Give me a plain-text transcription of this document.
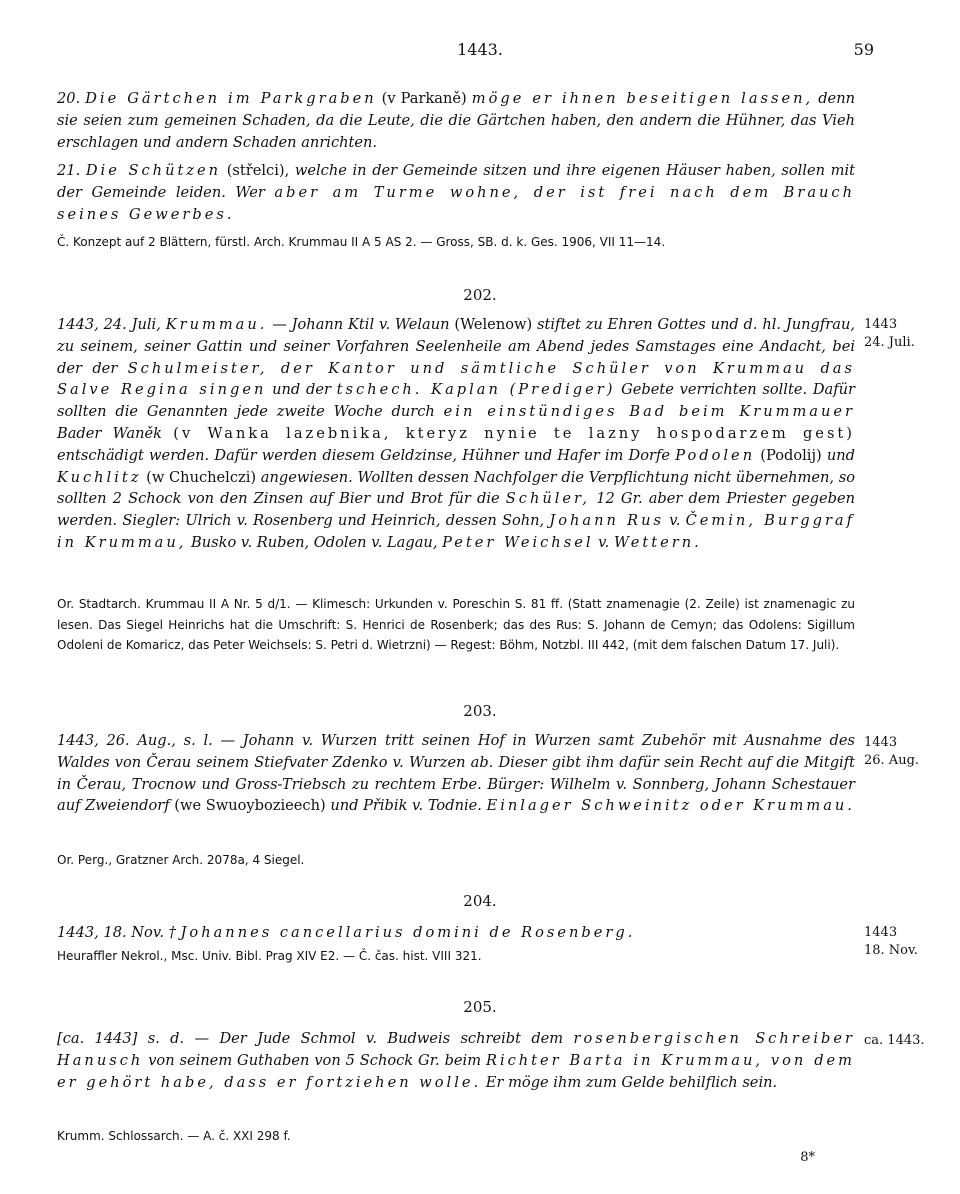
1443.	59

20. Die Gärtchen im Parkgraben (v Parkaně) möge er ihnen beseitigen lassen, denn sie seien zum gemeinen Schaden, da die Leute, die die Gärtchen haben, den andern die Hühner, das Vieh erschlagen und andern Schaden anrichten.

21. Die Schützen (střelci), welche in der Gemeinde sitzen und ihre eigenen Häuser haben, sollen mit der Gemeinde leiden. Wer aber am Turme wohne, der ist frei nach dem Brauch seines Gewerbes.

Č. Konzept auf 2 Blättern, fürstl. Arch. Krummau II A 5 AS 2. — Gross, SB. d. k. Ges. 1906, VII 11—14.

202.
1443
24. Juli.

1443, 24. Juli, Krummau. — Johann Ktil v. Welaun (Welenow) stiftet zu Ehren Gottes und d. hl. Jungfrau, zu seinem, seiner Gattin und seiner Vorfahren Seelenheile am Abend jedes Samstages eine Andacht, bei der der Schulmeister, der Kantor und sämtliche Schüler von Krummau das Salve Regina singen und der tschech. Kaplan (Prediger) Gebete verrichten sollte. Dafür sollten die Genannten jede zweite Woche durch ein einstündiges Bad beim Krummauer Bader Waněk (v Wanka lazebnika, kteryz nynie te lazny hospodarzem gest) entschädigt werden. Dafür werden diesem Geldzinse, Hühner und Hafer im Dorfe Podolen (Podolij) und Kuchlitz (w Chuchelczi) angewiesen. Wollten dessen Nachfolger die Verpflichtung nicht übernehmen, so sollten 2 Schock von den Zinsen auf Bier und Brot für die Schüler, 12 Gr. aber dem Priester gegeben werden. Siegler: Ulrich v. Rosenberg und Heinrich, dessen Sohn, Johann Rus v. Čemin, Burggraf in Krummau, Busko v. Ruben, Odolen v. Lagau, Peter Weichsel v. Wettern.

Or. Stadtarch. Krummau II A Nr. 5 d/1. — Klimesch: Urkunden v. Poreschin S. 81 ff. (Statt znamenagie (2. Zeile) ist znamenagic zu lesen. Das Siegel Heinrichs hat die Umschrift: S. Henrici de Rosenberk; das des Rus: S. Johann de Cemyn; das Odolens: Sigillum Odoleni de Komaricz, das Peter Weichsels: S. Petri d. Wietrzni) — Regest: Böhm, Notzbl. III 442, (mit dem falschen Datum 17. Juli).

203.
1443
26. Aug.

1443, 26. Aug., s. l. — Johann v. Wurzen tritt seinen Hof in Wurzen samt Zubehör mit Ausnahme des Waldes von Čerau seinem Stiefvater Zdenko v. Wurzen ab. Dieser gibt ihm dafür sein Recht auf die Mitgift in Čerau, Trocnow und Gross-Triebsch zu rechtem Erbe. Bürger: Wilhelm v. Sonnberg, Johann Schestauer auf Zweiendorf (we Swuoybozieech) und Přibik v. Todnie. Einlager Schweinitz oder Krummau.

Or. Perg., Gratzner Arch. 2078a, 4 Siegel.

204.
1443
18. Nov.

1443, 18. Nov. † Johannes cancellarius domini de Rosenberg.

Heuraffler Nekrol., Msc. Univ. Bibl. Prag XIV E2. — Č. čas. hist. VIII 321.

205.
ca. 1443.

[ca. 1443] s. d. — Der Jude Schmol v. Budweis schreibt dem rosenbergischen Schreiber Hanusch von seinem Guthaben von 5 Schock Gr. beim Richter Barta in Krummau, von dem er gehört habe, dass er fortziehen wolle. Er möge ihm zum Gelde behilflich sein.

Krumm. Schlossarch. — A. č. XXI 298 f.

8*
